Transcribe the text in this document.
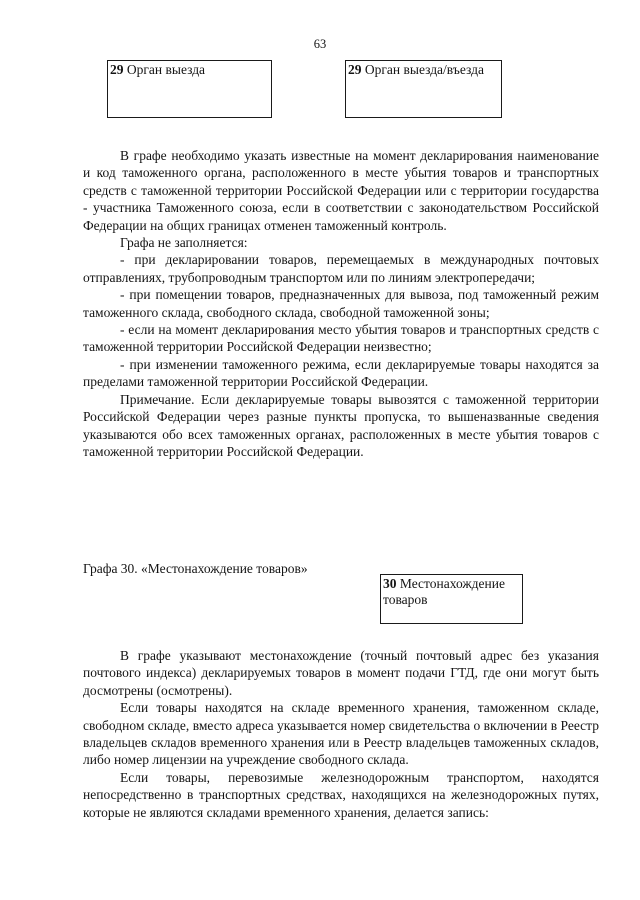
63
29 Орган выезда	29 Орган выезда/въезда

В графе необходимо указать известные на момент декларирования наименование и код таможенного органа, расположенного в месте убытия товаров и транспортных средств с таможенной территории Российской Федерации или с территории государства - участника Таможенного союза, если в соответствии с законодательством Российской Федерации на общих границах отменен таможенный контроль.

Графа не заполняется:

- при декларировании товаров, перемещаемых в международных почтовых отправлениях, трубопроводным транспортом или по линиям электропередачи;

- при помещении товаров, предназначенных для вывоза, под таможенный режим таможенного склада, свободного склада, свободной таможенной зоны;

- если на момент декларирования место убытия товаров и транспортных средств с таможенной территории Российской Федерации неизвестно;

- при изменении таможенного режима, если декларируемые товары находятся за пределами таможенной территории Российской Федерации.

Примечание. Если декларируемые товары вывозятся с таможенной территории Российской Федерации через разные пункты пропуска, то вышеназванные сведения указываются обо всех таможенных органах, расположенных в месте убытия товаров с таможенной территории Российской Федерации.

Графа 30. «Местонахождение товаров»
30 Местонахождение товаров

В графе указывают местонахождение (точный почтовый адрес без указания почтового индекса) декларируемых товаров в момент подачи ГТД, где они могут быть досмотрены (осмотрены).

Если товары находятся на складе временного хранения, таможенном складе, свободном складе, вместо адреса указывается номер свидетельства о включении в Реестр владельцев складов временного хранения или в Реестр владельцев таможенных складов, либо номер лицензии на учреждение свободного склада.

Если товары, перевозимые железнодорожным транспортом, находятся непосредственно в транспортных средствах, находящихся на железнодорожных путях, которые не являются складами временного хранения, делается запись:
